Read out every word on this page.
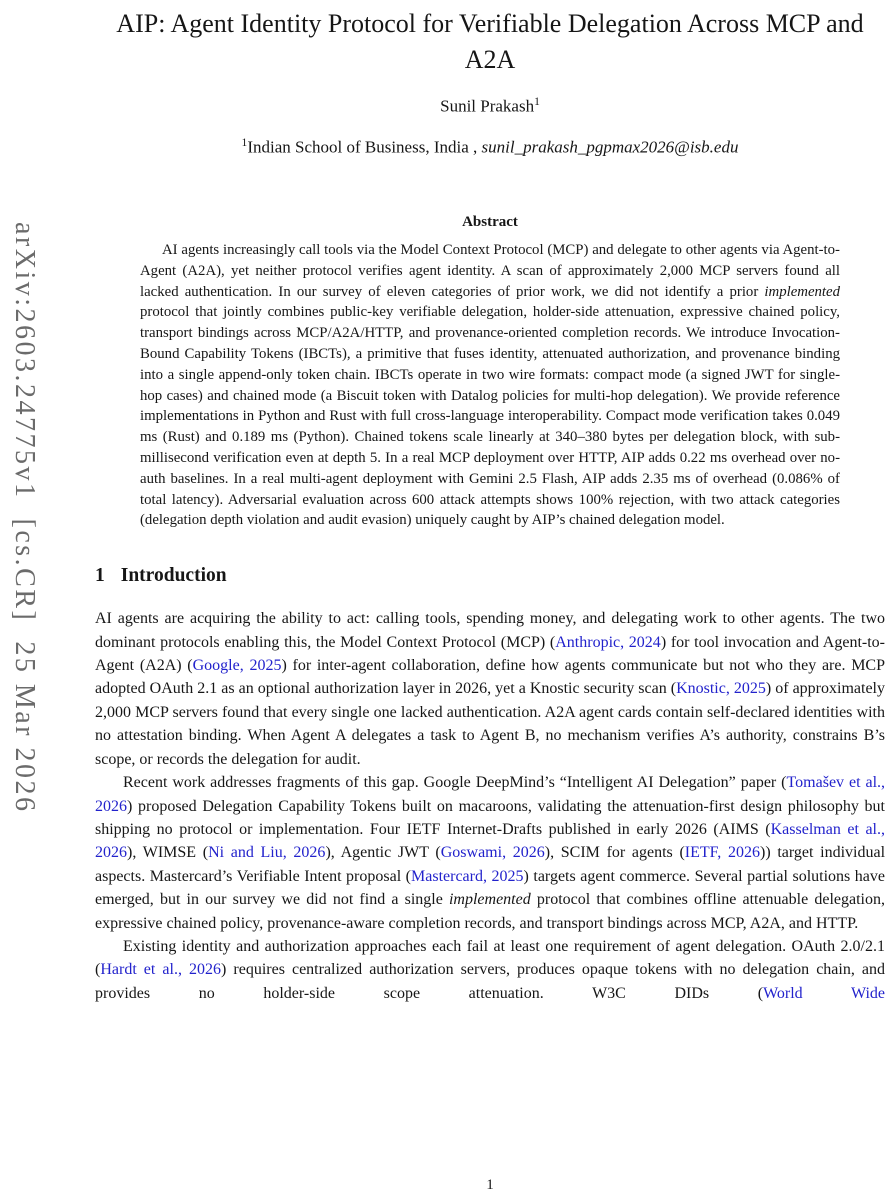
arXiv:2603.24775v1  [cs.CR]  25 Mar 2026
AIP: Agent Identity Protocol for Verifiable Delegation Across MCP and A2A
Sunil Prakash$^1$
$^1$Indian School of Business, India , sunil_prakash_pgpmax2026@isb.edu
Abstract

AI agents increasingly call tools via the Model Context Protocol (MCP) and delegate to other agents via Agent-to-Agent (A2A), yet neither protocol verifies agent identity. A scan of approximately 2,000 MCP servers found all lacked authentication. In our survey of eleven categories of prior work, we did not identify a prior implemented protocol that jointly combines public-key verifiable delegation, holder-side attenuation, expressive chained policy, transport bindings across MCP/A2A/HTTP, and provenance-oriented completion records. We introduce Invocation-Bound Capability Tokens (IBCTs), a primitive that fuses identity, attenuated authorization, and provenance binding into a single append-only token chain. IBCTs operate in two wire formats: compact mode (a signed JWT for single-hop cases) and chained mode (a Biscuit token with Datalog policies for multi-hop delegation). We provide reference implementations in Python and Rust with full cross-language interoperability. Compact mode verification takes 0.049 ms (Rust) and 0.189 ms (Python). Chained tokens scale linearly at 340–380 bytes per delegation block, with sub-millisecond verification even at depth 5. In a real MCP deployment over HTTP, AIP adds 0.22 ms overhead over no-auth baselines. In a real multi-agent deployment with Gemini 2.5 Flash, AIP adds 2.35 ms of overhead (0.086% of total latency). Adversarial evaluation across 600 attack attempts shows 100% rejection, with two attack categories (delegation depth violation and audit evasion) uniquely caught by AIP’s chained delegation model.

1 Introduction

AI agents are acquiring the ability to act: calling tools, spending money, and delegating work to other agents. The two dominant protocols enabling this, the Model Context Protocol (MCP) (Anthropic, 2024) for tool invocation and Agent-to-Agent (A2A) (Google, 2025) for inter-agent collaboration, define how agents communicate but not who they are. MCP adopted OAuth 2.1 as an optional authorization layer in 2026, yet a Knostic security scan (Knostic, 2025) of approximately 2,000 MCP servers found that every single one lacked authentication. A2A agent cards contain self-declared identities with no attestation binding. When Agent A delegates a task to Agent B, no mechanism verifies A’s authority, constrains B’s scope, or records the delegation for audit.

Recent work addresses fragments of this gap. Google DeepMind’s “Intelligent AI Delegation” paper (Tomašev et al., 2026) proposed Delegation Capability Tokens built on macaroons, validating the attenuation-first design philosophy but shipping no protocol or implementation. Four IETF Internet-Drafts published in early 2026 (AIMS (Kasselman et al., 2026), WIMSE (Ni and Liu, 2026), Agentic JWT (Goswami, 2026), SCIM for agents (IETF, 2026)) target individual aspects. Mastercard’s Verifiable Intent proposal (Mastercard, 2025) targets agent commerce. Several partial solutions have emerged, but in our survey we did not find a single implemented protocol that combines offline attenuable delegation, expressive chained policy, provenance-aware completion records, and transport bindings across MCP, A2A, and HTTP.

Existing identity and authorization approaches each fail at least one requirement of agent delegation. OAuth 2.0/2.1 (Hardt et al., 2026) requires centralized authorization servers, produces opaque tokens with no delegation chain, and provides no holder-side scope attenuation. W3C DIDs (World Wide

1
